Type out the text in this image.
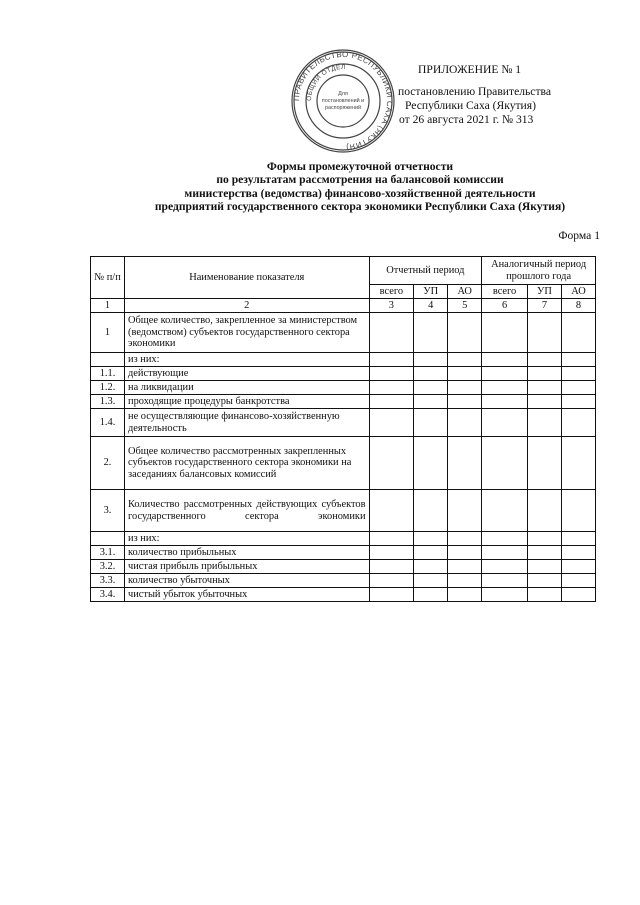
ПРАВИТЕЛЬСТВО РЕСПУБЛИКИ САХА (ЯКУТИЯ)
ОБЩИЙ ОТДЕЛ
Для
постановлений и
распоряжений
ПРИЛОЖЕНИЕ № 1
постановлению Правительства
Республики Саха (Якутия)
от 26 августа 2021 г. № 313
Формы промежуточной отчетности
по результатам рассмотрения на балансовой комиссии
министерства (ведомства) финансово-хозяйственной деятельности
предприятий государственного сектора экономики Республики Саха (Якутия)
Форма 1
№ п/п	Наименование показателя	Отчетный период			Аналогичный период прошлого года		
		всего	УП	АО	всего	УП	АО
1	2	3	4	5	6	7	8
1	Общее количество, закрепленное за министерством (ведомством) субъектов государственного сектора экономики						
	из них:						
1.1.	действующие						
1.2.	на ликвидации						
1.3.	проходящие процедуры банкротства						
1.4.	не осуществляющие финансово-хозяйственную деятельность						
2.	Общее количество рассмотренных закрепленных субъектов государственного сектора экономики на заседаниях балансовых комиссий						
3.	Количество рассмотренных действующих субъектов государственного сектора экономики						
	из них:						
3.1.	количество прибыльных						
3.2.	чистая прибыль прибыльных						
3.3.	количество убыточных						
3.4.	чистый убыток убыточных						
